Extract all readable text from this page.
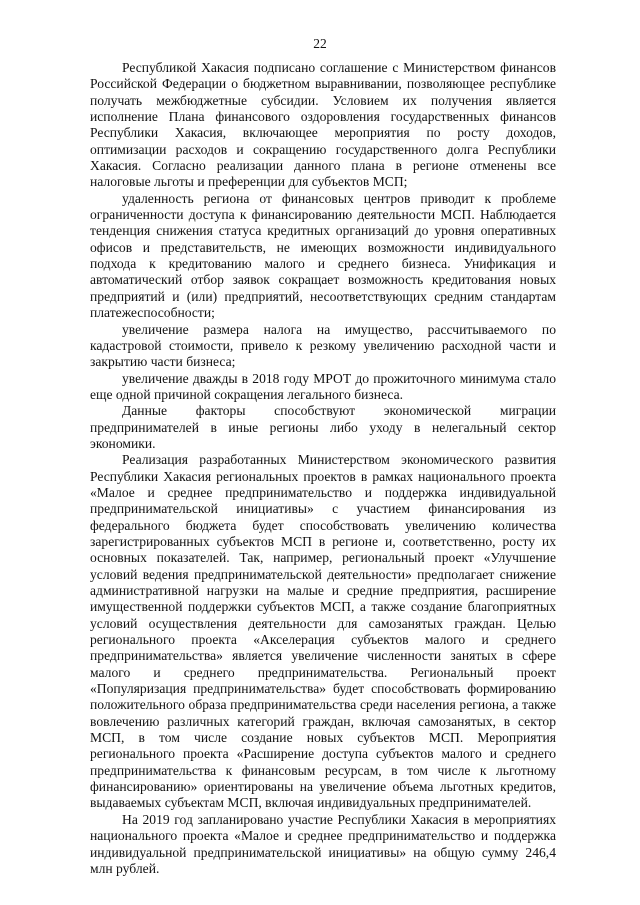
22

Республикой Хакасия подписано соглашение с Министерством финансов Российской Федерации о бюджетном выравнивании, позволяющее республике получать межбюджетные субсидии. Условием их получения является исполнение Плана финансового оздоровления государственных финансов Республики Хакасия, включающее мероприятия по росту доходов, оптимизации расходов и сокращению государственного долга Республики Хакасия. Согласно реализации данного плана в регионе отменены все налоговые льготы и преференции для субъектов МСП;

удаленность региона от финансовых центров приводит к проблеме ограниченности доступа к финансированию деятельности МСП. Наблюдается тенденция снижения статуса кредитных организаций до уровня оперативных офисов и представительств, не имеющих возможности индивидуального подхода к кредитованию малого и среднего бизнеса. Унификация и автоматический отбор заявок сокращает возможность кредитования новых предприятий и (или) предприятий, несоответствующих средним стандартам платежеспособности;

увеличение размера налога на имущество, рассчитываемого по кадастровой стоимости, привело к резкому увеличению расходной части и закрытию части бизнеса;

увеличение дважды в 2018 году МРОТ до прожиточного минимума стало еще одной причиной сокращения легального бизнеса.

Данные факторы способствуют экономической миграции предпринимателей в иные регионы либо уходу в нелегальный сектор экономики.

Реализация разработанных Министерством экономического развития Республики Хакасия региональных проектов в рамках национального проекта «Малое и среднее предпринимательство и поддержка индивидуальной предпринимательской инициативы» с участием финансирования из федерального бюджета будет способствовать увеличению количества зарегистрированных субъектов МСП в регионе и, соответственно, росту их основных показателей. Так, например, региональный проект «Улучшение условий ведения предпринимательской деятельности» предполагает снижение административной нагрузки на малые и средние предприятия, расширение имущественной поддержки субъектов МСП, а также создание благоприятных условий осуществления деятельности для самозанятых граждан. Целью регионального проекта «Акселерация субъектов малого и среднего предпринимательства» является увеличение численности занятых в сфере малого и среднего предпринимательства. Региональный проект «Популяризация предпринимательства» будет способствовать формированию положительного образа предпринимательства среди населения региона, а также вовлечению различных категорий граждан, включая самозанятых, в сектор МСП, в том числе создание новых субъектов МСП. Мероприятия регионального проекта «Расширение доступа субъектов малого и среднего предпринимательства к финансовым ресурсам, в том числе к льготному финансированию» ориентированы на увеличение объема льготных кредитов, выдаваемых субъектам МСП, включая индивидуальных предпринимателей.

На 2019 год запланировано участие Республики Хакасия в мероприятиях национального проекта «Малое и среднее предпринимательство и поддержка индивидуальной предпринимательской инициативы» на общую сумму 246,4 млн рублей.
